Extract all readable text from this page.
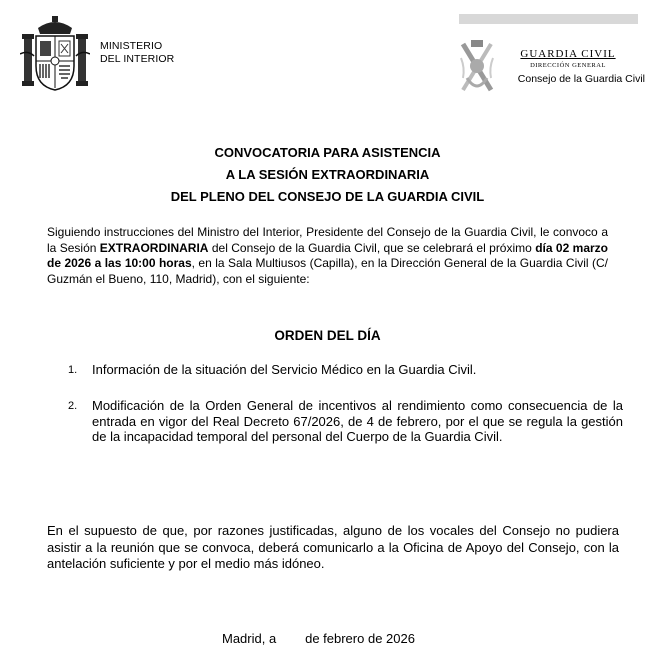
MINISTERIO
DEL INTERIOR	GUARDIA CIVIL
DIRECCIÓN GENERAL
Consejo de la Guardia Civil
CONVOCATORIA PARA ASISTENCIA
A LA SESIÓN EXTRAORDINARIA
DEL PLENO DEL CONSEJO DE LA GUARDIA CIVIL

Siguiendo instrucciones del Ministro del Interior, Presidente del Consejo de la Guardia Civil, le convoco a la Sesión EXTRAORDINARIA del Consejo de la Guardia Civil, que se celebrará el próximo día 02 marzo de 2026 a las 10:00 horas, en la Sala Multiusos (Capilla), en la Dirección General de la Guardia Civil (C/ Guzmán el Bueno, 110, Madrid), con el siguiente:

ORDEN DEL DÍA
1. Información de la situación del Servicio Médico en la Guardia Civil.
2. Modificación de la Orden General de incentivos al rendimiento como consecuencia de la entrada en vigor del Real Decreto 67/2026, de 4 de febrero, por el que se regula la gestión de la incapacidad temporal del personal del Cuerpo de la Guardia Civil.
En el supuesto de que, por razones justificadas, alguno de los vocales del Consejo no pudiera asistir a la reunión que se convoca, deberá comunicarlo a la Oficina de Apoyo del Consejo, con la antelación suficiente y por el medio más idóneo.
Madrid, a        de febrero de 2026
